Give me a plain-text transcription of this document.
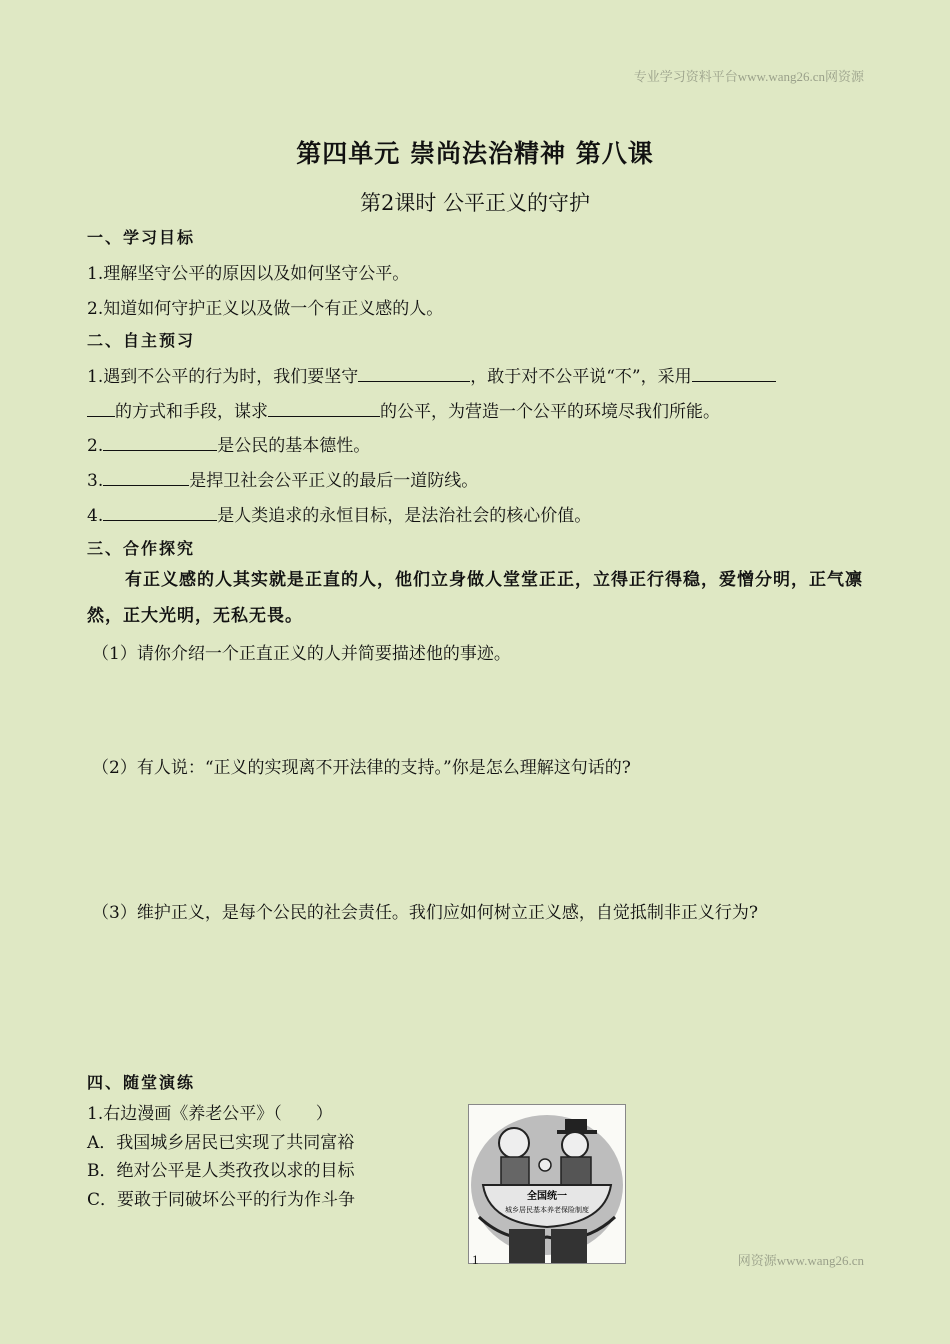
专业学习资料平台www.wang26.cn网资源
第四单元 崇尚法治精神 第八课
第2课时 公平正义的守护
一、学习目标
1.理解坚守公平的原因以及如何坚守公平。
2.知道如何守护正义以及做一个有正义感的人。
二、自主预习
1.遇到不公平的行为时，我们要坚守	，敢于对不公平说“不”，采用
的方式和手段，谋求	的公平，为营造一个公平的环境尽我们所能。
2.	是公民的基本德性。
3.	是捍卫社会公平正义的最后一道防线。
4.	是人类追求的永恒目标，是法治社会的核心价值。
三、合作探究
有正义感的人其实就是正直的人，他们立身做人堂堂正正，立得正行得稳，爱憎分明，正气凛然，正大光明，无私无畏。
（1）请你介绍一个正直正义的人并简要描述他的事迹。
（2）有人说：“正义的实现离不开法律的支持。”你是怎么理解这句话的?
（3）维护正义，是每个公民的社会责任。我们应如何树立正义感，自觉抵制非正义行为?
四、随堂演练
1.右边漫画《养老公平》（　　）
A．我国城乡居民已实现了共同富裕
B．绝对公平是人类孜孜以求的目标
C．要敢于同破坏公平的行为作斗争	全国统一
城乡居民基本养老保险制度
1	网资源www.wang26.cn
